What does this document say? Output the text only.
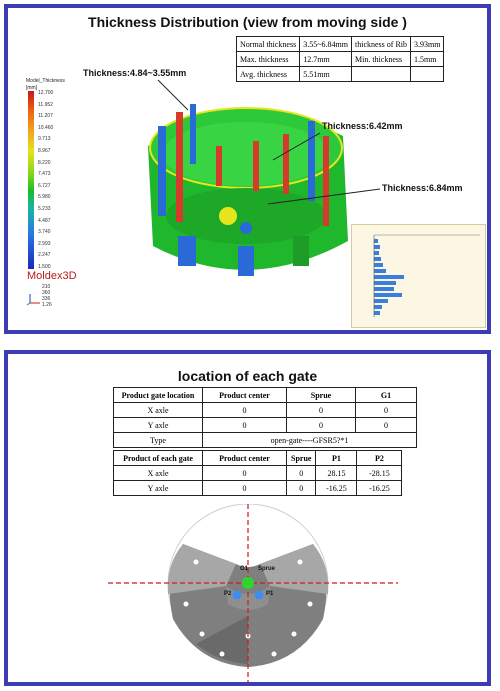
Thickness Distribution (view from moving side )
Normal thickness	3.55~6.84mm	thickness of Rib	3.93mm
Max. thickness	12.7mm	Min. thickness	1.5mm
Avg. thickness	5.51mm		
Model_Thickness
[mm]
12.700
11.952
11.207
10.460
9.713
8.967
8.220
7.473
6.727
5.980
5.233
4.487
3.740
2.993
2.247
1.500
Moldex3D
210
360
336
1.26
Thickness:4.84~3.55mm
Thickness:6.42mm
Thickness:6.84mm
location of each gate
Product gate location	Product center	Sprue	G1
X axle	0	0	0
Y axle	0	0	0
Type	open-gate----GFSR5?*1		
Product of each gate	Product center	Sprue	P1	P2
X axle	0	0	28.15	-28.15
Y axle	0	0	-16.25	-16.25
G1 Sprue
P2	P1
